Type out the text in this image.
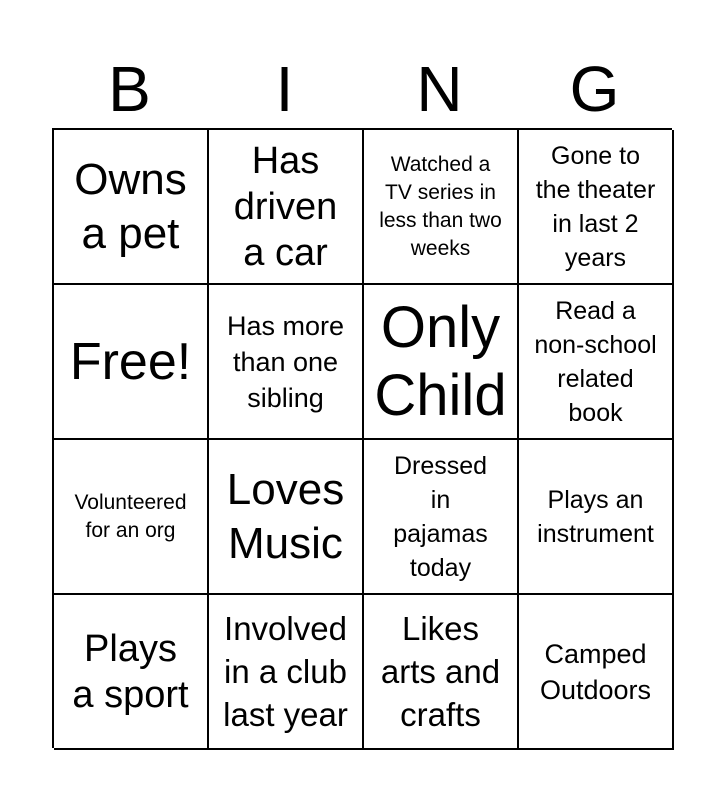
B	I	N	G
Owns
a pet
Has
driven
a car
Watched a
TV series in
less than two
weeks
Gone to
the theater
in last 2
years
Free!
Has more
than one
sibling
Only
Child
Read a
non-school
related
book
Volunteered
for an org
Loves
Music
Dressed
in
pajamas
today
Plays an
instrument
Plays
a sport
Involved
in a club
last year
Likes
arts and
crafts
Camped
Outdoors
